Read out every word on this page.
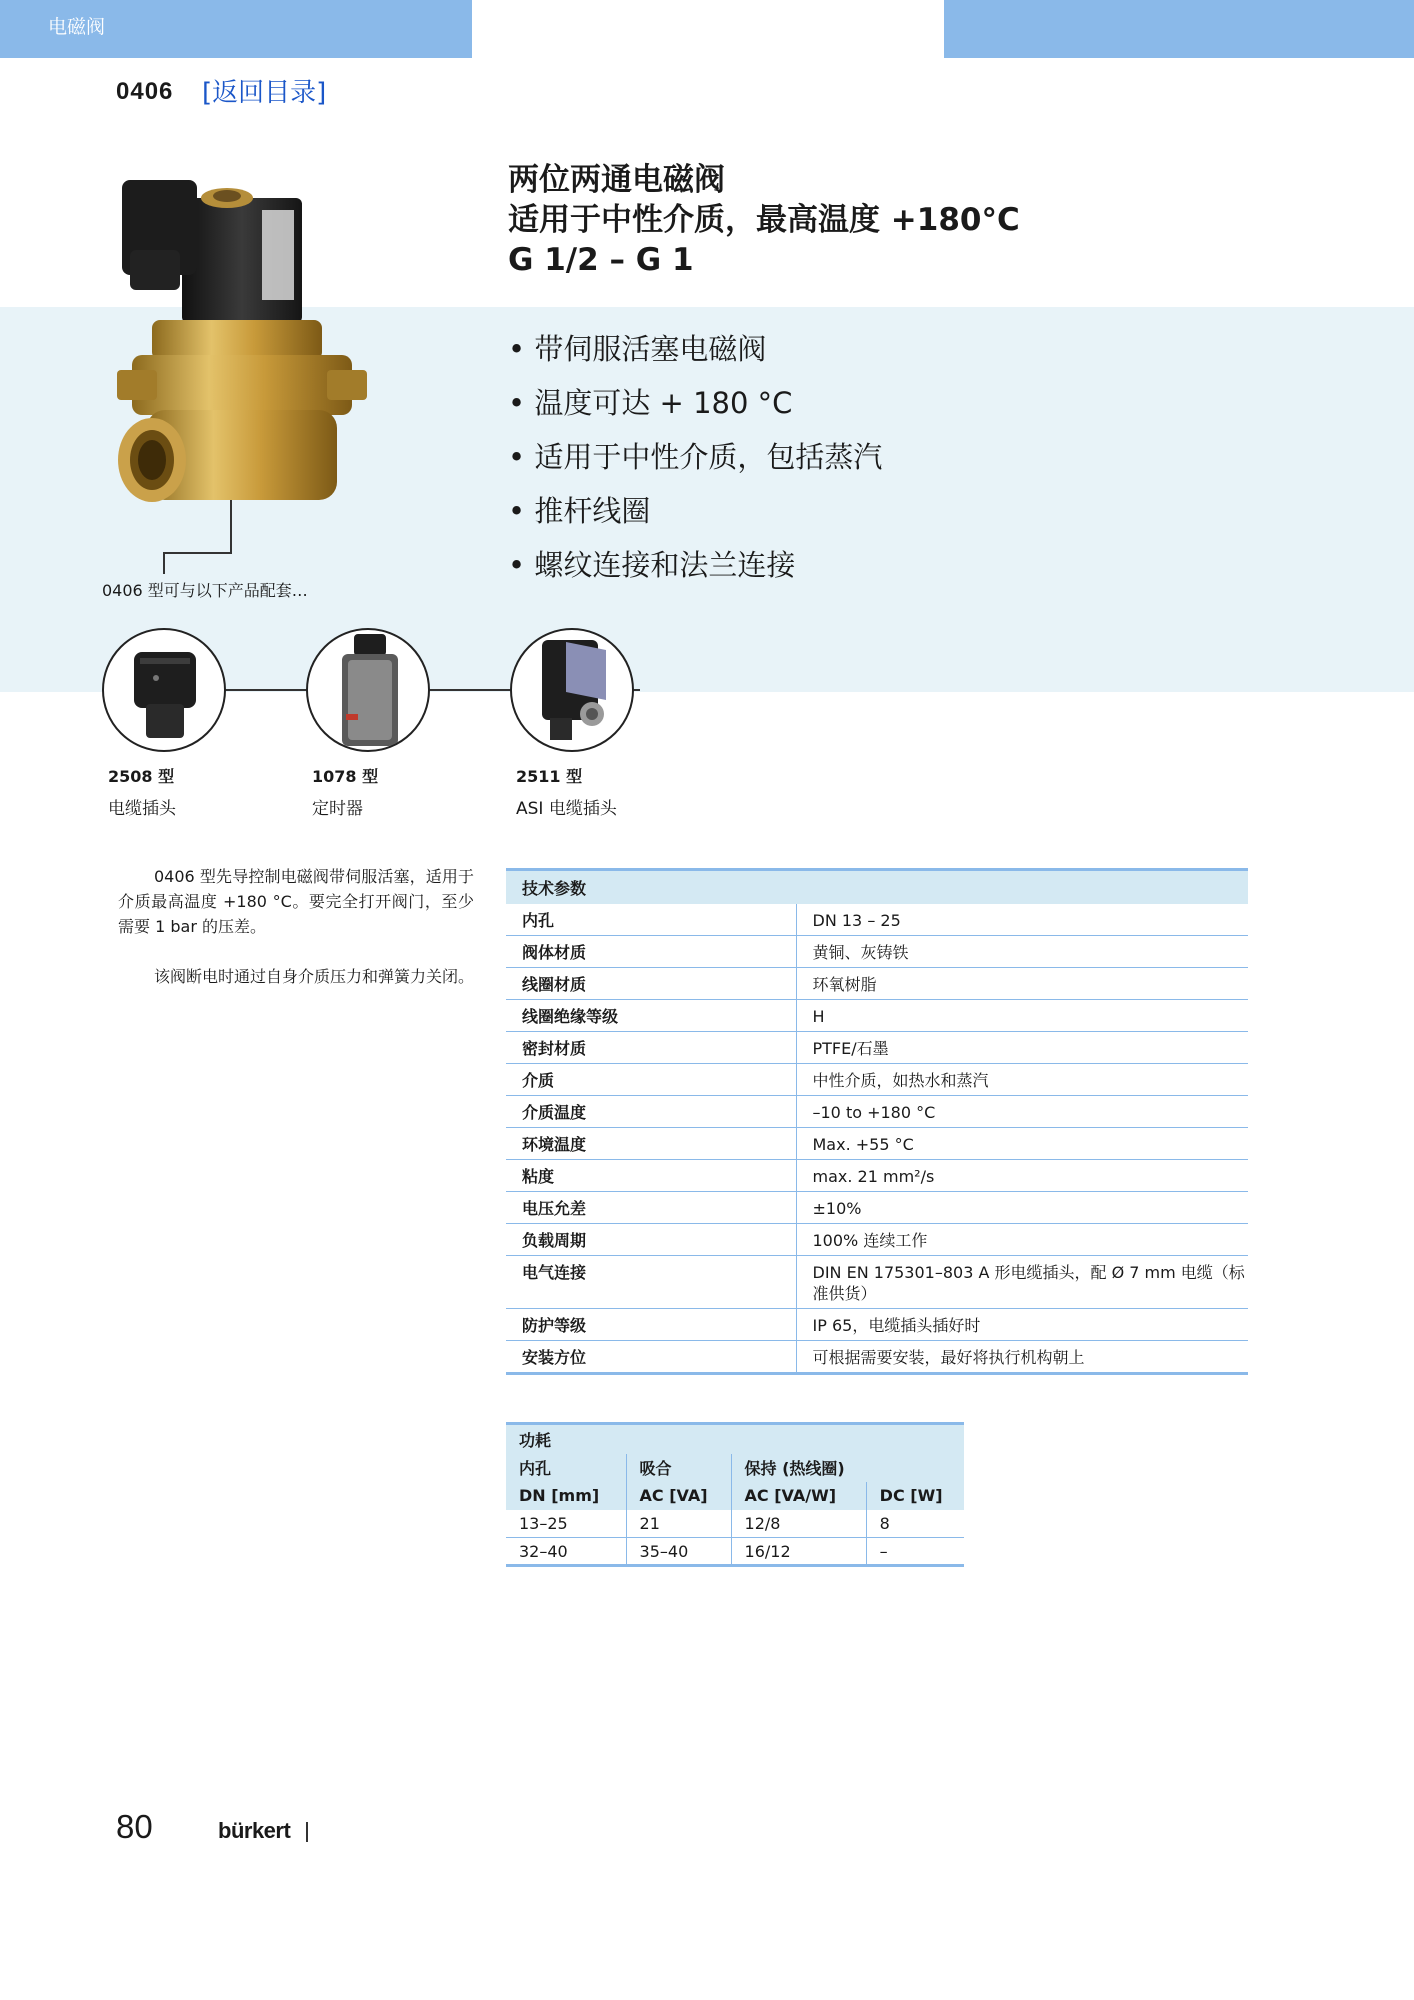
电磁阀
0406 [返回目录]
两位两通电磁阀
适用于中性介质，最高温度 +180°C
G 1/2 – G 1
• 带伺服活塞电磁阀
• 温度可达 + 180 °C
• 适用于中性介质，包括蒸汽
• 推杆线圈
• 螺纹连接和法兰连接
0406 型可与以下产品配套…
2508 型
电缆插头
1078 型
定时器
2511 型
ASI 电缆插头

0406 型先导控制电磁阀带伺服活塞，适用于介质最高温度 +180 °C。要完全打开阀门，至少需要 1 bar 的压差。

该阀断电时通过自身介质压力和弹簧力关闭。

技术参数	
内孔	DN 13 – 25
阀体材质	黄铜、灰铸铁
线圈材质	环氧树脂
线圈绝缘等级	H
密封材质	PTFE/石墨
介质	中性介质，如热水和蒸汽
介质温度	–10 to +180 °C
环境温度	Max. +55 °C
粘度	max. 21 mm²/s
电压允差	±10%
负载周期	100% 连续工作
电气连接	DIN EN 175301–803 A 形电缆插头，配 Ø 7 mm 电缆（标准供货）
防护等级	IP 65，电缆插头插好时
安装方位	可根据需要安装，最好将执行机构朝上
功耗			
内孔	吸合	保持 (热线圈)	
DN [mm]	AC [VA]	AC [VA/W]	DC [W]
13–25	21	12/8	8
32–40	35–40	16/12	–
80	bürkert
